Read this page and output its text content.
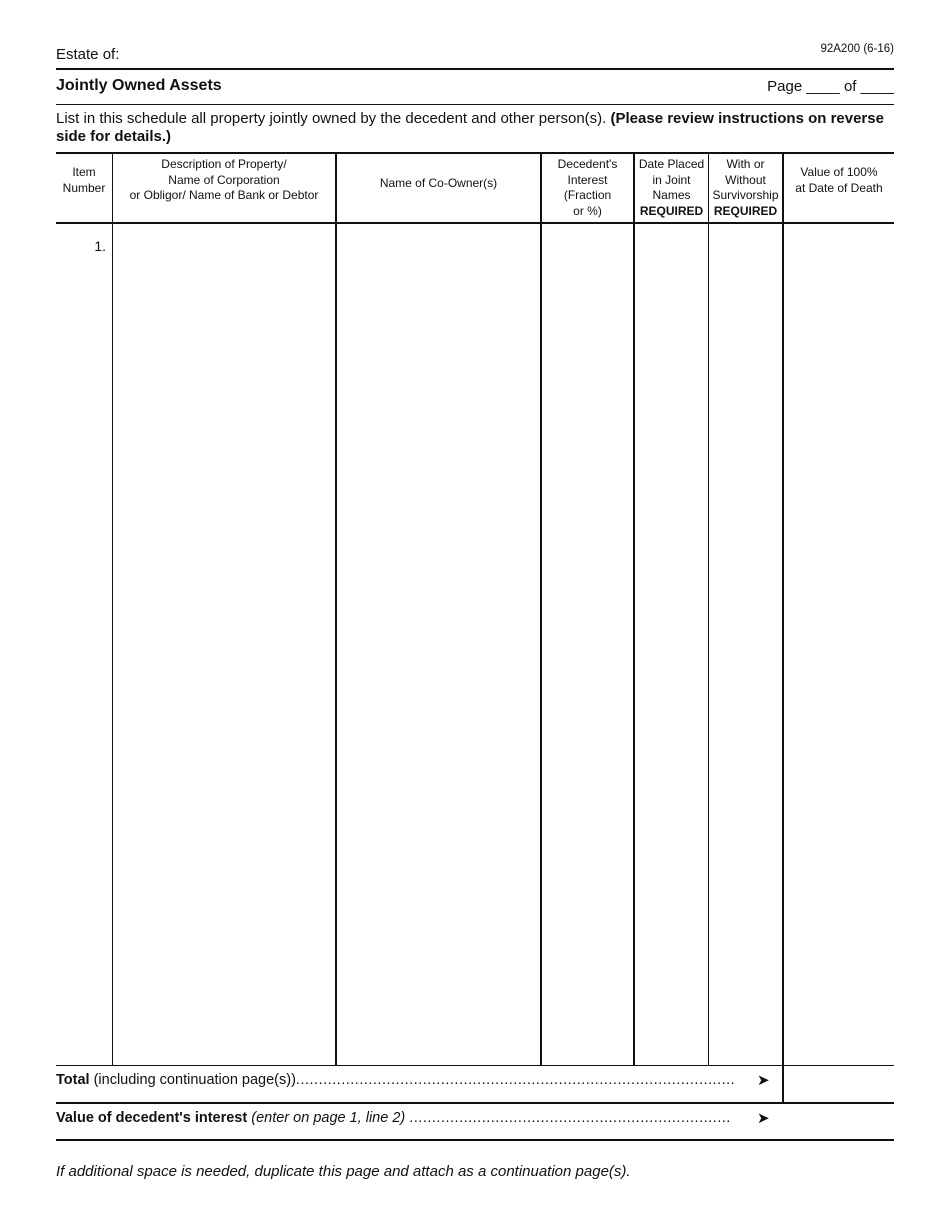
Estate of:	92A200 (6-16)
Jointly Owned Assets	Page ____ of ____
List in this schedule all property jointly owned by the decedent and other person(s). (Please review instructions on reverse side for details.)
Item
Number
Description of Property/
Name of Corporation
or Obligor/ Name of Bank or Debtor
Name of Co-Owner(s)
Decedent's
Interest
(Fraction
or %)
Date Placed
in Joint
Names
REQUIRED
With or
Without
Survivorship
REQUIRED
Value of 100%
at Date of Death
1.
Total (including continuation page(s))................................................................................................. ➤
Value of decedent's interest (enter on page 1, line 2) ....................................................................... ➤
If additional space is needed, duplicate this page and attach as a continuation page(s).
